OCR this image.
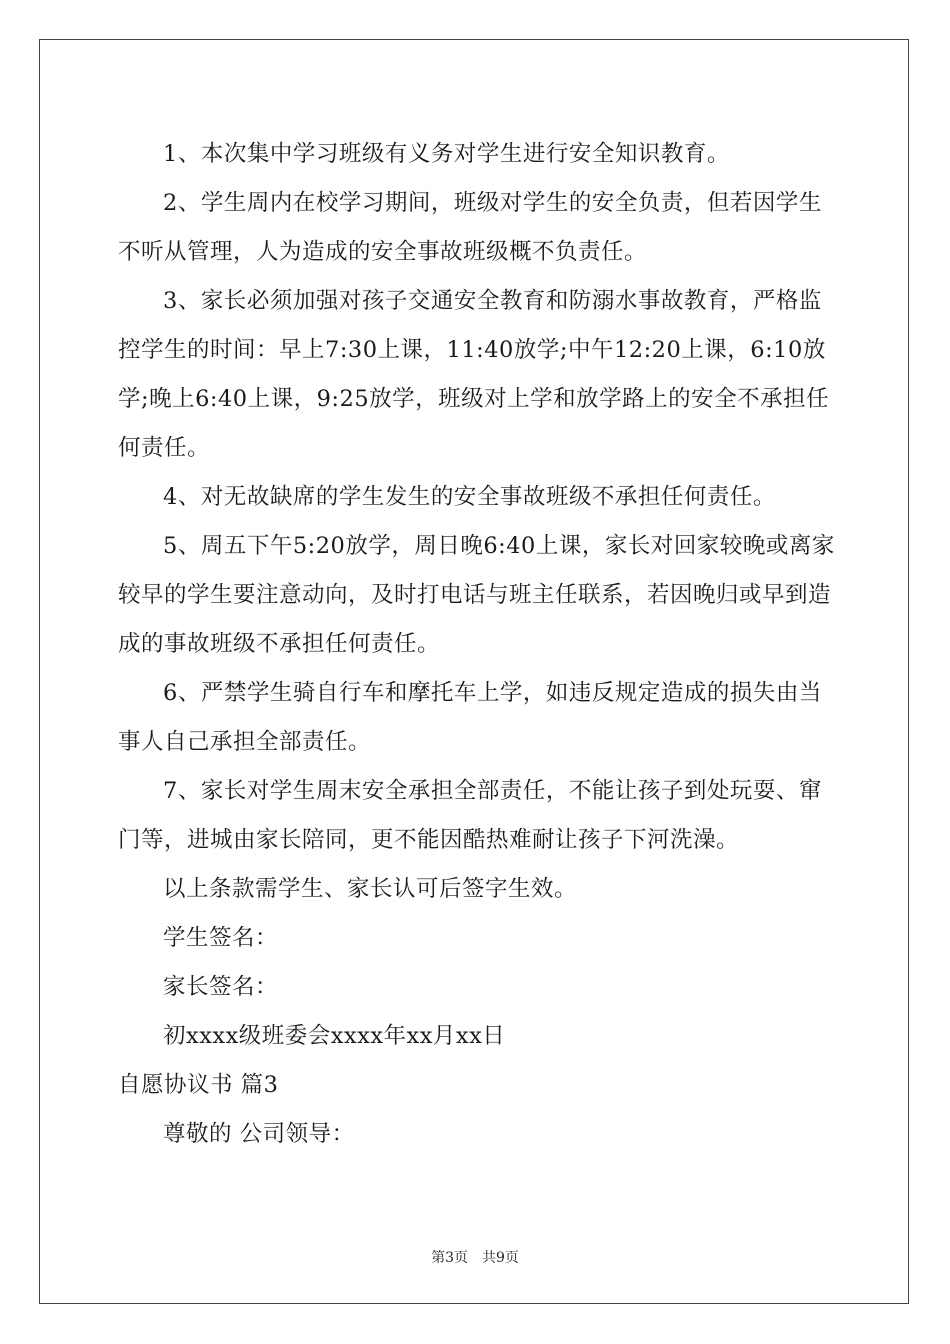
1、本次集中学习班级有义务对学生进行安全知识教育。

2、学生周内在校学习期间，班级对学生的安全负责，但若因学生不听从管理，人为造成的安全事故班级概不负责任。

3、家长必须加强对孩子交通安全教育和防溺水事故教育，严格监控学生的时间：早上7:30上课，11:40放学;中午12:20上课，6:10放学;晚上6:40上课，9:25放学，班级对上学和放学路上的安全不承担任何责任。

4、对无故缺席的学生发生的安全事故班级不承担任何责任。

5、周五下午5:20放学，周日晚6:40上课，家长对回家较晚或离家较早的学生要注意动向，及时打电话与班主任联系，若因晚归或早到造成的事故班级不承担任何责任。

6、严禁学生骑自行车和摩托车上学，如违反规定造成的损失由当事人自己承担全部责任。

7、家长对学生周末安全承担全部责任，不能让孩子到处玩耍、窜门等，进城由家长陪同，更不能因酷热难耐让孩子下河洗澡。

以上条款需学生、家长认可后签字生效。

学生签名：

家长签名：

初xxxx级班委会xxxx年xx月xx日

自愿协议书 篇3

尊敬的 公司领导：

第3页　共9页
